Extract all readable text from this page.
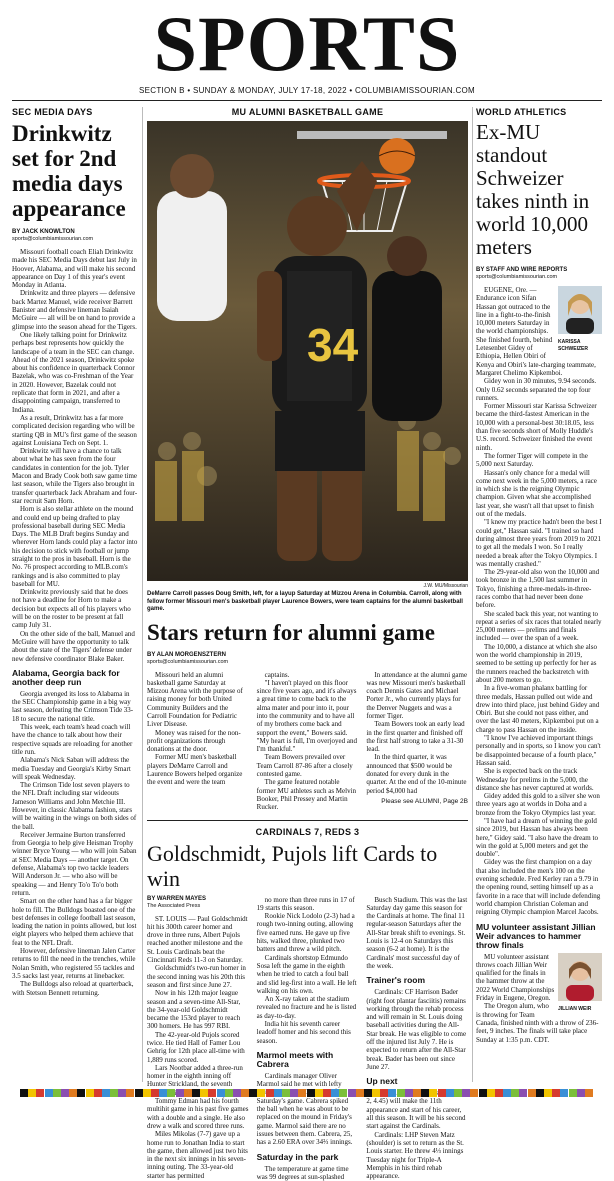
SPORTS
SECTION B • SUNDAY & MONDAY, JULY 17-18, 2022 • COLUMBIAMISSOURIAN.COM
SEC MEDIA DAYS
Drinkwitz set for 2nd media days appearance
BY JACK KNOWLTON
sports@columbiamissourian.com

Missouri football coach Eliah Drinkwitz made his SEC Media Days debut last July in Hoover, Alabama, and will make his second appearance on Day 1 of this year's event Monday in Atlanta.

Drinkwitz and three players — defensive back Martez Manuel, wide receiver Barrett Banister and defensive lineman Isaiah McGuire — all will be on hand to provide a glimpse into the season ahead for the Tigers.

One likely talking point for Drinkwitz perhaps best represents how quickly the landscape of a team in the SEC can change. Ahead of the 2021 season, Drinkwitz spoke about his confidence in quarterback Connor Bazelak, who was co-Freshman of the Year in 2020. However, Bazelak could not replicate that form in 2021, and after a disappointing campaign, transferred to Indiana.

As a result, Drinkwitz has a far more complicated decision regarding who will be starting QB in MU's first game of the season against Louisiana Tech on Sept. 1.

Drinkwitz will have a chance to talk about what he has seen from the four candidates in contention for the job. Tyler Macon and Brady Cook both saw game time last season, while the Tigers also brought in transfer quarterback Jack Abraham and four-star recruit Sam Horn.

Horn is also stellar athlete on the mound and could end up being drafted to play professional baseball during SEC Media Days. The MLB Draft begins Sunday and wherever Horn lands could play a factor into his decision to stick with football or jump straight to the pros in baseball. Horn is the No. 76 prospect according to MLB.com's rankings and is also committed to play baseball for MU.

Drinkwitz previously said that he does not have a deadline for Horn to make a decision but expects all of his players who will be on the roster to be present at fall camp July 31.

On the other side of the ball, Manuel and McGuire will have the opportunity to talk about the state of the Tigers' defense under new defensive coordinator Blake Baker.

Alabama, Georgia back for another deep run

Georgia avenged its loss to Alabama in the SEC Championship game in a big way last season, defeating the Crimson Tide 33-18 to secure the national title.

This week, each team's head coach will have the chance to talk about how their respective squads are reloading for another title run.

Alabama's Nick Saban will address the media Tuesday and Georgia's Kirby Smart will speak Wednesday.

The Crimson Tide lost seven players to the NFL Draft including star wideouts Jameson Williams and John Metchie III. However, in classic Alabama fashion, stars will be waiting in the wings on both sides of the ball.

Receiver Jermaine Burton transferred from Georgia to help give Heisman Trophy winner Bryce Young — who will join Saban at SEC Media Days — another target. On defense, Alabama's top two tackle leaders Will Anderson Jr. — who also will be speaking — and Henry To'o To'o both return.

Smart on the other hand has a far bigger hole to fill. The Bulldogs boasted one of the best defenses in college football last season, leading the nation in points allowed, but lost eight players who helped them achieve that feat to the NFL Draft.

However, defensive lineman Jalen Carter returns to fill the need in the trenches, while Nolan Smith, who registered 55 tackles and 3.5 sacks last year, returns at linebacker.

The Bulldogs also reload at quarterback, with Stetson Bennett returning.

MU ALUMNI BASKETBALL GAME
34
J.W. MU/Missourian
DeMarre Carroll passes Doug Smith, left, for a layup Saturday at Mizzou Arena in Columbia. Carroll, along with fellow former Missouri men's basketball player Laurence Bowers, were team captains for the alumni basketball game.
Stars return for alumni game
BY ALAN MORGENSZTERN
sports@columbiamissourian.com

Missouri held an alumni basketball game Saturday at Mizzou Arena with the purpose of raising money for both United Community Builders and the Carroll Foundation for Pediatric Liver Disease.

Money was raised for the non-profit organizations through donations at the door.

Former MU men's basketball players DeMarre Carroll and Laurence Bowers helped organize the event and were the team

captains.

"I haven't played on this floor since five years ago, and it's always a great time to come back to the alma mater and pour into it, pour into the community and to have all of my brothers come back and support the event," Bowers said. "My heart is full, I'm overjoyed and I'm thankful."

Team Bowers prevailed over Team Carroll 87-86 after a closely contested game.

The game featured notable former MU athletes such as Melvin Booker, Phil Pressey and Martin Rucker.

In attendance at the alumni game was new Missouri men's basketball coach Dennis Gates and Michael Porter Jr., who currently plays for the Denver Nuggets and was a former Tiger.

Team Bowers took an early lead in the first quarter and finished off the first half strong to take a 31-30 lead.

In the third quarter, it was announced that $500 would be donated for every dunk in the quarter. At the end of the 10-minute period $4,000 had

Please see ALUMNI, Page 2B
CARDINALS 7, REDS 3
Goldschmidt, Pujols lift Cards to win
BY WARREN MAYES
The Associated Press

ST. LOUIS — Paul Goldschmidt hit his 300th career homer and drove in three runs, Albert Pujols reached another milestone and the St. Louis Cardinals beat the Cincinnati Reds 11-3 on Saturday.

Goldschmidt's two-run homer in the second inning was his 20th this season and first since June 27.

Now in his 12th major league season and a seven-time All-Star, the 34-year-old Goldschmidt became the 153rd player to reach 300 homers. He has 997 RBI.

The 42-year-old Pujols scored twice. He tied Hall of Famer Lou Gehrig for 12th place all-time with 1,889 runs scored.

Lars Nootbar added a three-run homer in the eighth inning off Hunter Strickland, the seventh

Tommy Edman had his fourth multihit game in his past five games with a double and a single. He also drew a walk and scored three runs.

Miles Mikolas (7-7) gave up a home run to Jonathan India to start the game, then allowed just two hits in the next six innings in his seven-inning outing. The 33-year-old starter has permitted

no more than three runs in 17 of 19 starts this season.

Rookie Nick Lodolo (2-3) had a rough two-inning outing, allowing five earned runs. He gave up five hits, walked three, plunked two batters and threw a wild pitch.

Cardinals shortstop Edmundo Sosa left the game in the eighth when he tried to catch a foul ball and slid leg-first into a wall. He left walking on his own.

An X-ray taken at the stadium revealed no fracture and he is listed as day-to-day.

India hit his seventh career leadoff homer and his second this season.

Marmol meets with Cabrera

Cardinals manager Oliver Marmol said he met with lefty Saturday's game. Cabrera spiked the ball when he was about to be replaced on the mound in Friday's game. Marmol said there are no issues between them. Cabrera, 25, has a 2.60 ERA over 34⅔ innings.

Saturday in the park

The temperature at game time was 99 degrees at sun-splashed

Busch Stadium. This was the last Saturday day game this season for the Cardinals at home. The final 11 regular-season Saturdays after the All-Star break shift to evenings. St. Louis is 12-4 on Saturdays this season (6-2 at home). It is the Cardinals' most successful day of the week.

Trainer's room

Cardinals: CF Harrison Bader (right foot plantar fasciitis) remains working through the rehab process and will remain in St. Louis doing baseball activities during the All-Star break. He was eligible to come off the injured list July 7. He is expected to return after the All-Star break. Bader has been out since June 27.

Up next

2, 4.45) will make the 11th appearance and start of his career, all this season. It will be his second start against the Cardinals.

Cardinals: LHP Steven Matz (shoulder) is set to return as the St. Louis starter. He threw 4⅓ innings Tuesday night for Triple-A Memphis in his third rehab appearance.

WORLD ATHLETICS
Ex-MU standout Schweizer takes ninth in world 10,000 meters
BY STAFF AND WIRE REPORTS
sports@columbiamissourian.com
KARISSA SCHWEIZER

EUGENE, Ore. — Endurance icon Sifan Hassan got outraced to the line in a fight-to-the-finish 10,000 meters Saturday in the world championships. She finished fourth, behind Letesenbet Gidey of Ethiopia, Hellen Obiri of Kenya and Obiri's late-charging teammate, Margaret Chelimo Kipkemboi.

Gidey won in 30 minutes, 9.94 seconds. Only 0.62 seconds separated the top four runners.

Former Missouri star Karissa Schweizer became the third-fastest American in the 10,000 with a personal-best 30:18.05, less than five seconds short of Molly Huddle's U.S. record. Schweizer finished the event ninth.

The former Tiger will compete in the 5,000 next Saturday.

Hassan's only chance for a medal will come next week in the 5,000 meters, a race in which she is the reigning Olympic champion. Given what she accomplished last year, she wasn't all that upset to finish out of the medals.

"I knew my practice hadn't been the best I could get," Hassan said. "I trained so hard during almost three years from 2019 to 2021 to get all the medals I won. So I really needed a break after the Tokyo Olympics. I was mentally crashed."

The 29-year-old also won the 10,000 and took bronze in the 1,500 last summer in Tokyo, finishing a three-medals-in-three-races combo that had never been done before.

She scaled back this year, not wanting to repeat a series of six races that totaled nearly 25,000 meters — prelims and finals included — over the span of a week.

The 10,000, a distance at which she also won the world championship in 2019, seemed to be setting up perfectly for her as the runners reached the backstretch with about 200 meters to go.

In a five-woman phalanx battling for three medals, Hassan pulled out wide and drew into third place, just behind Gidey and Obiri. But she could not pass either, and over the last 40 meters, Kipkemboi put on a charge to pass Hassan on the inside.

"I know I've achieved important things personally and in sports, so I know you can't be disappointed because of a fourth place," Hassan said.

She is expected back on the track Wednesday for prelims in the 5,000, the distance she has never captured at worlds.

Gidey added this gold to a silver she won three years ago at worlds in Doha and a bronze from the Tokyo Olympics last year.

"I have had a dream of winning the gold since 2019, but Hassan has always been here," Gidey said. "I also have the dream to win the gold at 5,000 meters and get the double".

Gidey was the first champion on a day that also included the men's 100 on the evening schedule. Fred Kerley ran a 9.79 in the opening round, setting himself up as a favorite in a race that will include defending world champion Christian Coleman and reigning Olympic champion Marcel Jacobs.

MU volunteer assistant Jillian Weir advances to hammer throw finals
JILLIAN WEIR

MU volunteer assistant throws coach Jillian Weir qualified for the finals in the hammer throw at the 2022 World Championships Friday in Eugene, Oregon.

The Oregon alum, who is throwing for Team Canada, finished ninth with a throw of 236-feet, 9 inches. The finals will take place Sunday at 1:35 p.m. CDT.
